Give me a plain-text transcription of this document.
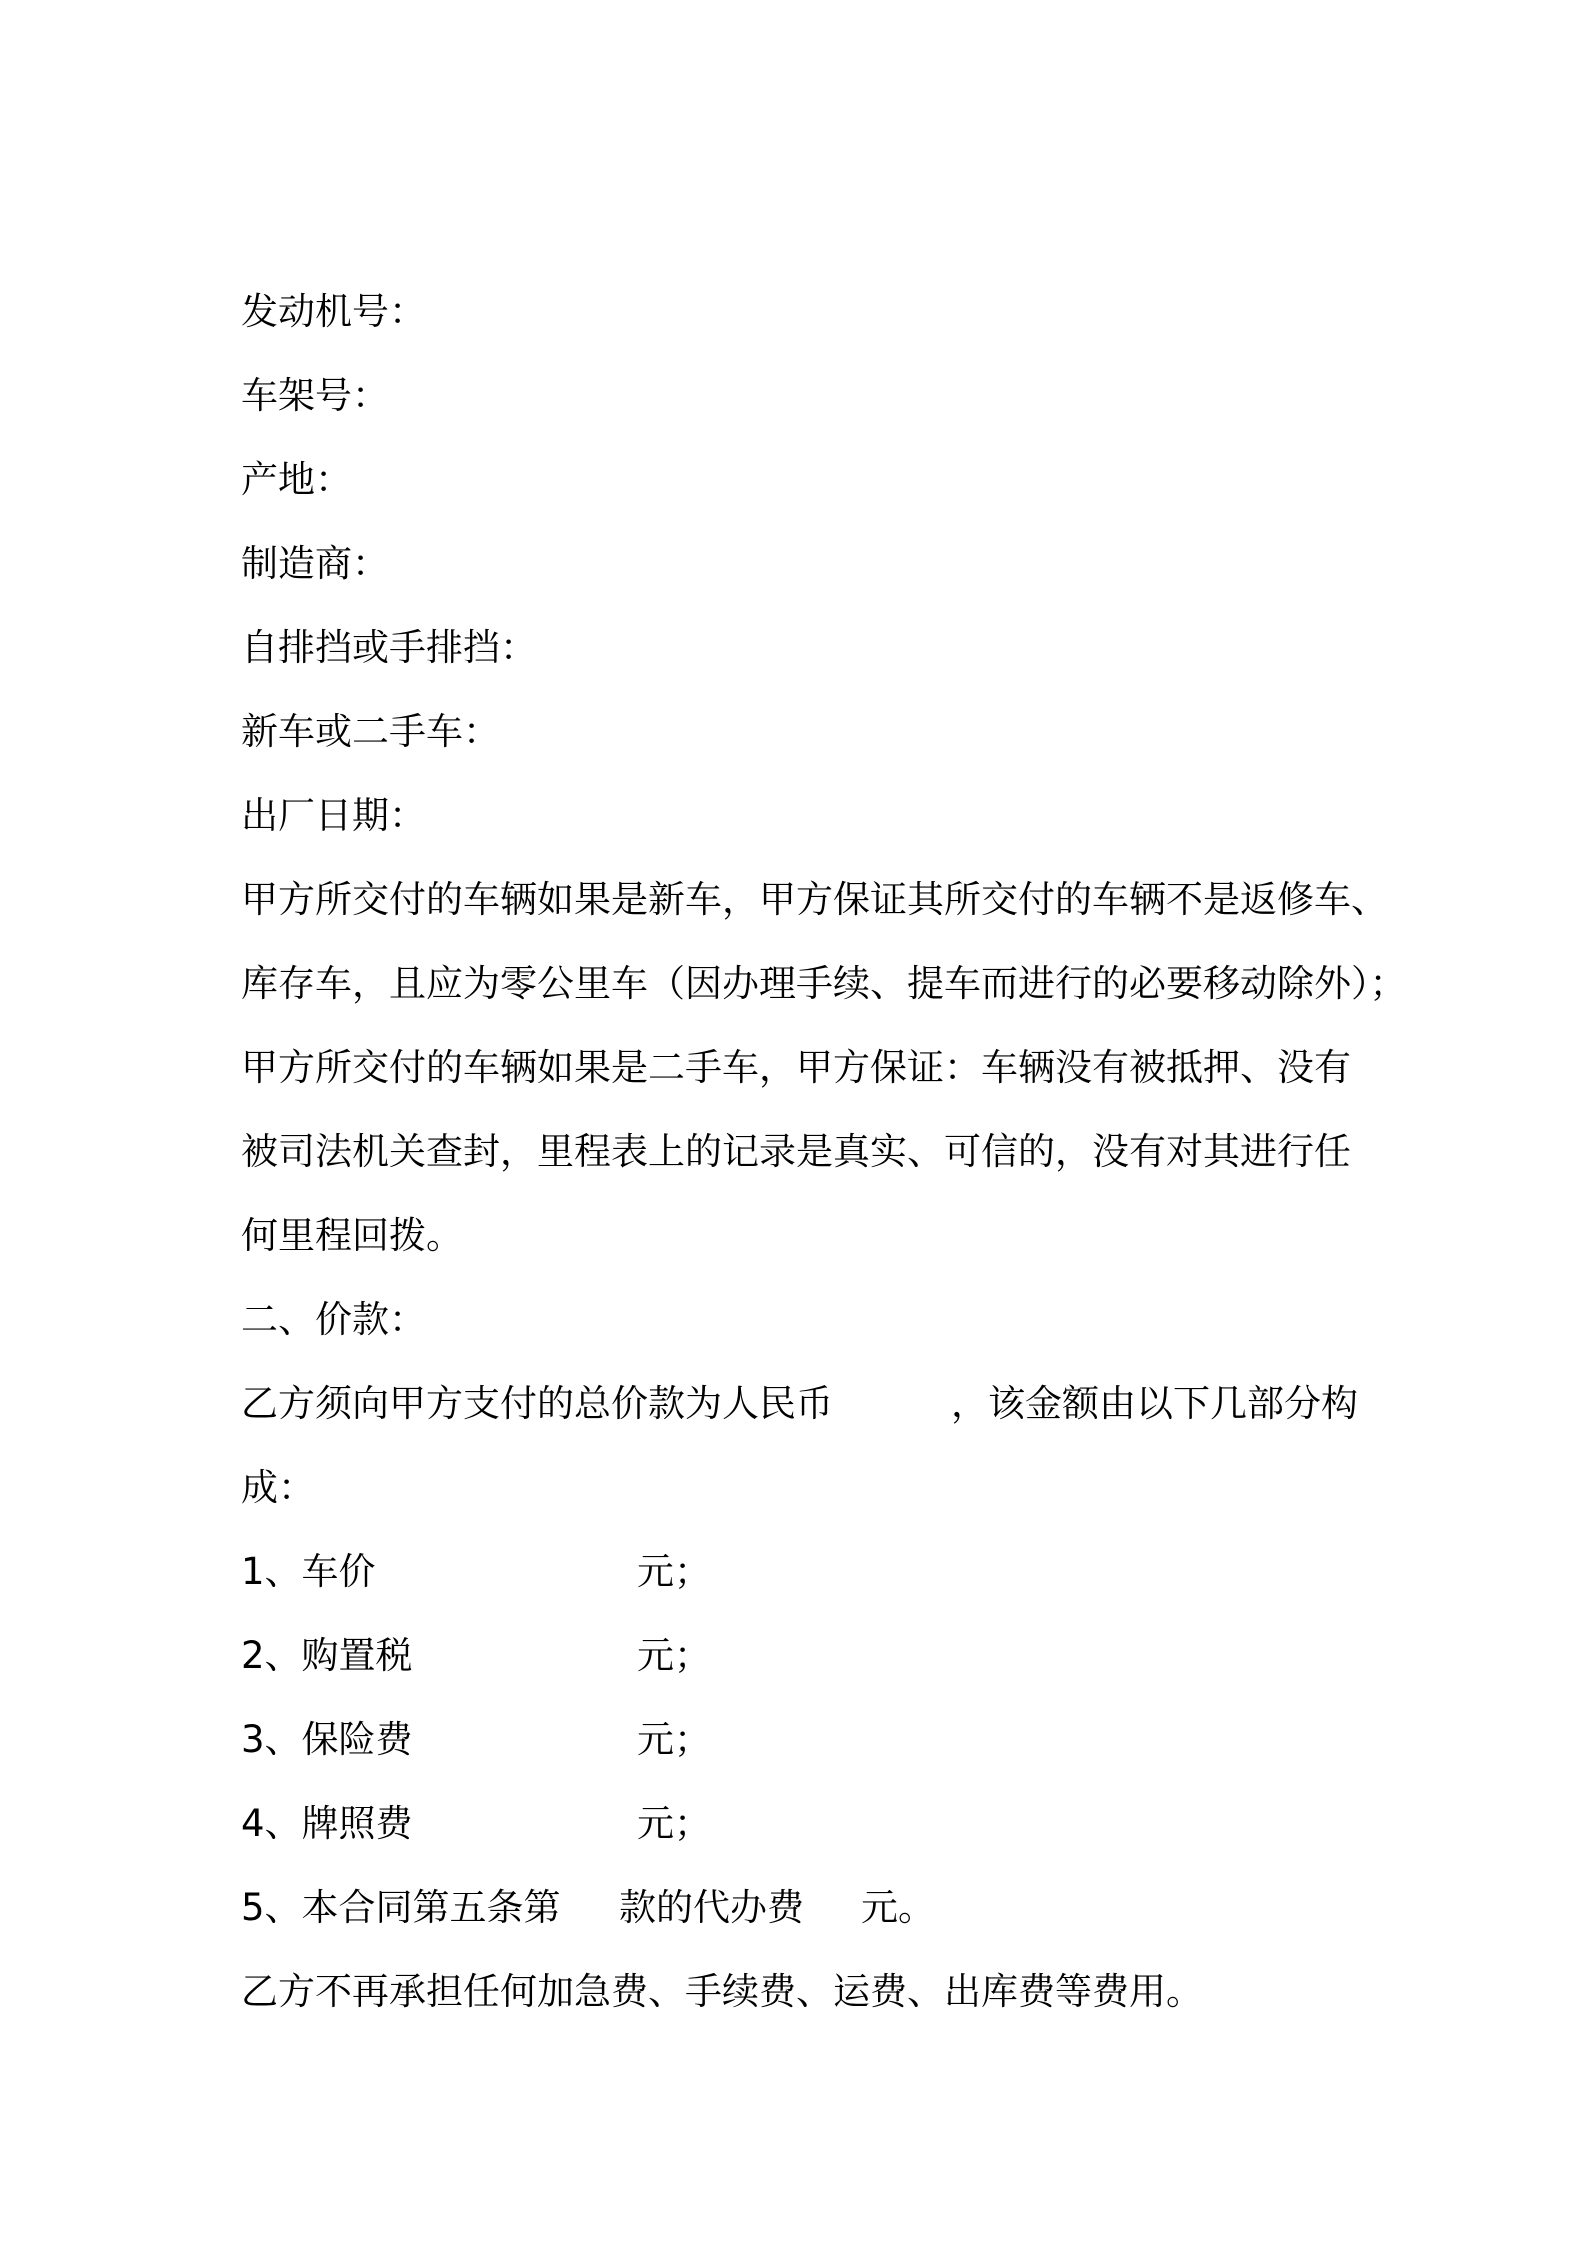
发动机号：
车架号：
产地：
制造商：
自排挡或手排挡：
新车或二手车：
出厂日期：
甲方所交付的车辆如果是新车，甲方保证其所交付的车辆不是返修车、
库存车，且应为零公里车（因办理手续、提车而进行的必要移动除外）；
甲方所交付的车辆如果是二手车，甲方保证：车辆没有被抵押、没有
被司法机关查封，里程表上的记录是真实、可信的，没有对其进行任
何里程回拨。
二、价款：

乙方须向甲方支付的总价款为人民币

	，该金额由以下几部分构

成：

1、车价

	元；

2、购置税

	元；

3、保险费

	元；

4、牌照费

	元；

5、本合同第五条第

款的代办费

元。

乙方不再承担任何加急费、手续费、运费、出库费等费用。
